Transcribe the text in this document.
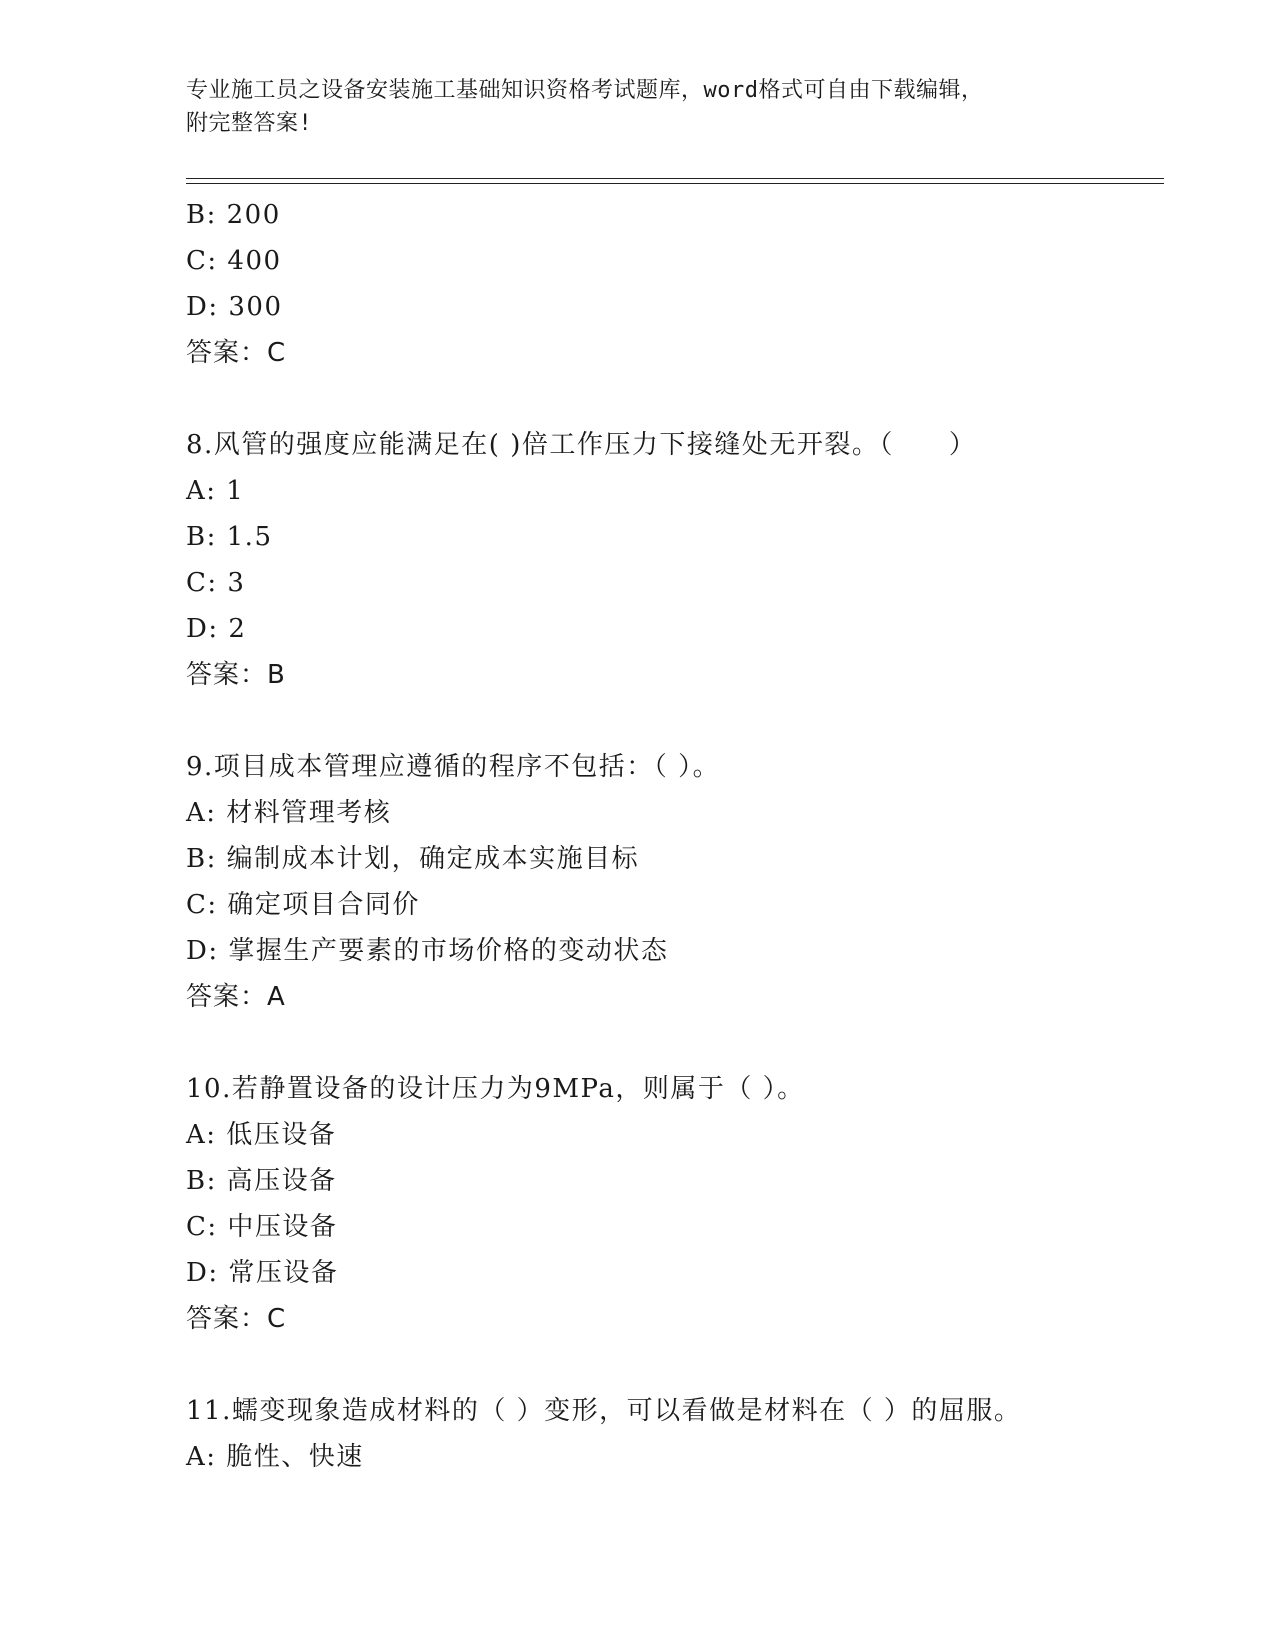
专业施工员之设备安装施工基础知识资格考试题库，word格式可自由下载编辑，
附完整答案!
B: 200
C: 400
D: 300
答案：C
8.风管的强度应能满足在( )倍工作压力下接缝处无开裂。（　　）
A: 1
B: 1.5
C: 3
D: 2
答案：B
9.项目成本管理应遵循的程序不包括：（ ）。
A: 材料管理考核
B: 编制成本计划，确定成本实施目标
C: 确定项目合同价
D: 掌握生产要素的市场价格的变动状态
答案：A
10.若静置设备的设计压力为9MPa，则属于（ ）。
A: 低压设备
B: 高压设备
C: 中压设备
D: 常压设备
答案：C
11.蠕变现象造成材料的（ ）变形，可以看做是材料在（ ）的屈服。
A: 脆性、快速
